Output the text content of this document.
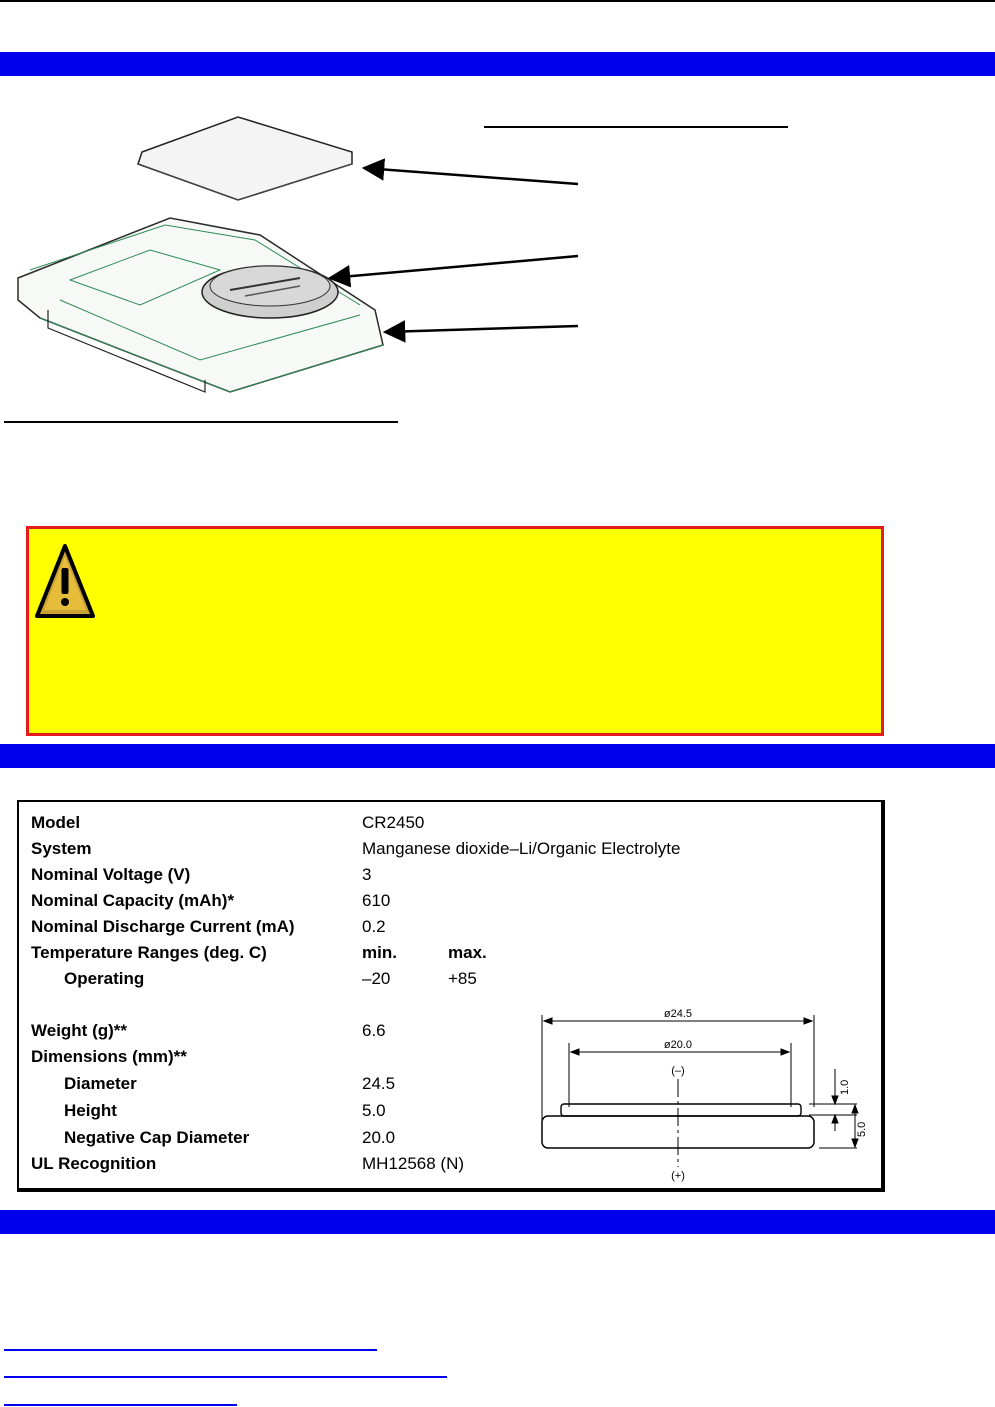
Model	CR2450
System	Manganese dioxide–Li/Organic Electrolyte
Nominal Voltage (V)	3
Nominal Capacity (mAh)*	610
Nominal Discharge Current (mA)	0.2
Temperature Ranges (deg. C)	min.	max.
Operating	–20	+85
Weight (g)**	6.6
Dimensions (mm)**
Diameter	24.5
Height	5.0
Negative Cap Diameter	20.0
UL Recognition	MH12568 (N)
ø24.5
ø20.0
(–)
(+)
1.0
5.0
